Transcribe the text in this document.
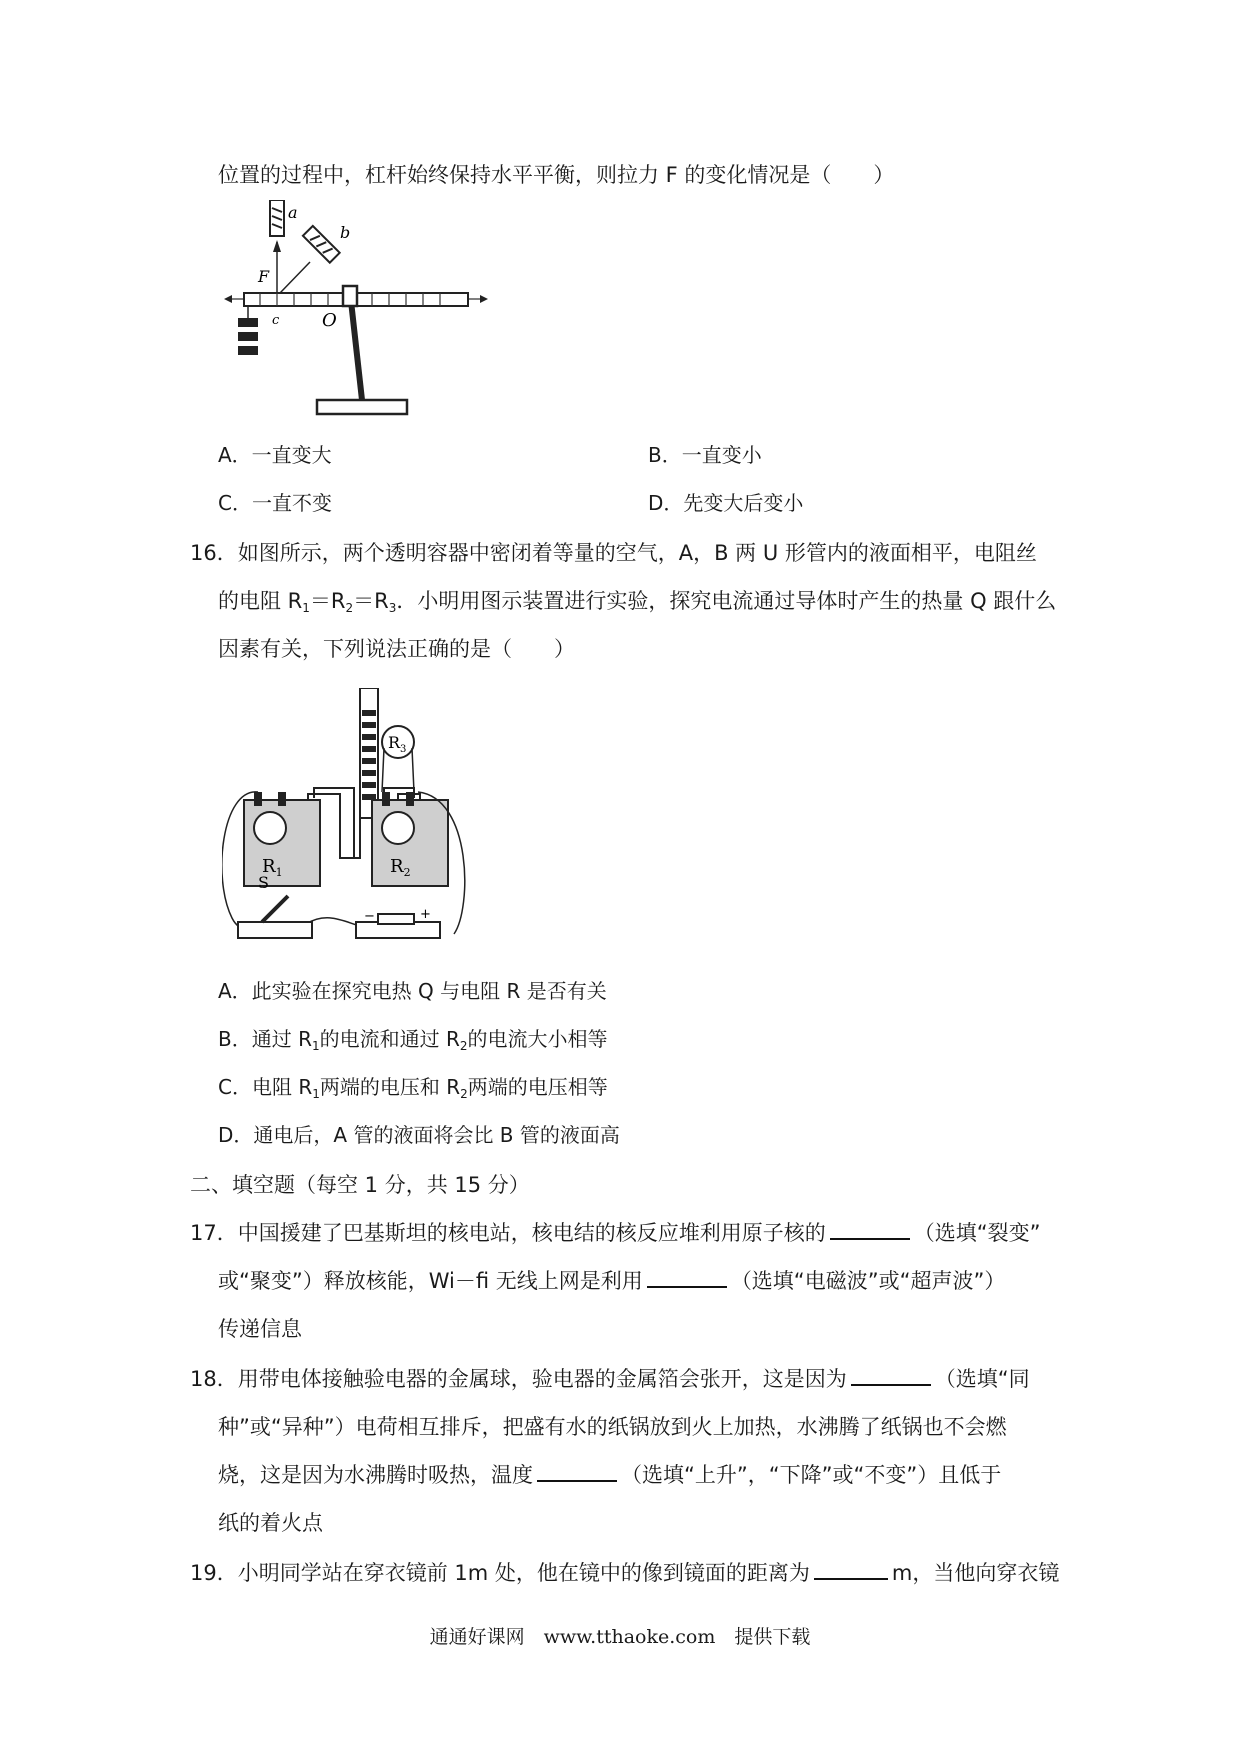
位置的过程中，杠杆始终保持水平平衡，则拉力 F 的变化情况是（　　）
a
b
F
c O
A．一直变大	B．一直变小
C．一直不变	D．先变大后变小
16．如图所示，两个透明容器中密闭着等量的空气，A，B 两 U 形管内的液面相平，电阻丝
的电阻 $R_1=R_2=R_3$．小明用图示装置进行实验，探究电流通过导体时产生的热量 Q 跟什么
因素有关，下列说法正确的是（　　）
$R_1$	$R_2$
$R_3$
S
−	+
A．此实验在探究电热 Q 与电阻 R 是否有关
B．通过 $R_1$的电流和通过 $R_2$的电流大小相等
C．电阻 $R_1$两端的电压和 $R_2$两端的电压相等
D．通电后，A 管的液面将会比 B 管的液面高
二、填空题（每空 1 分，共 15 分）
17．中国援建了巴基斯坦的核电站，核电结的核反应堆利用原子核的	（选填“裂变”
或“聚变”）释放核能，Wi－fi 无线上网是利用	（选填“电磁波”或“超声波”）
传递信息
18．用带电体接触验电器的金属球，验电器的金属箔会张开，这是因为	（选填“同
种”或“异种”）电荷相互排斥，把盛有水的纸锅放到火上加热，水沸腾了纸锅也不会燃
烧，这是因为水沸腾时吸热，温度	（选填“上升”，“下降”或“不变”）且低于
纸的着火点
19．小明同学站在穿衣镜前 1m 处，他在镜中的像到镜面的距离为	m，当他向穿衣镜
通通好课网　www.tthaoke.com　提供下载
